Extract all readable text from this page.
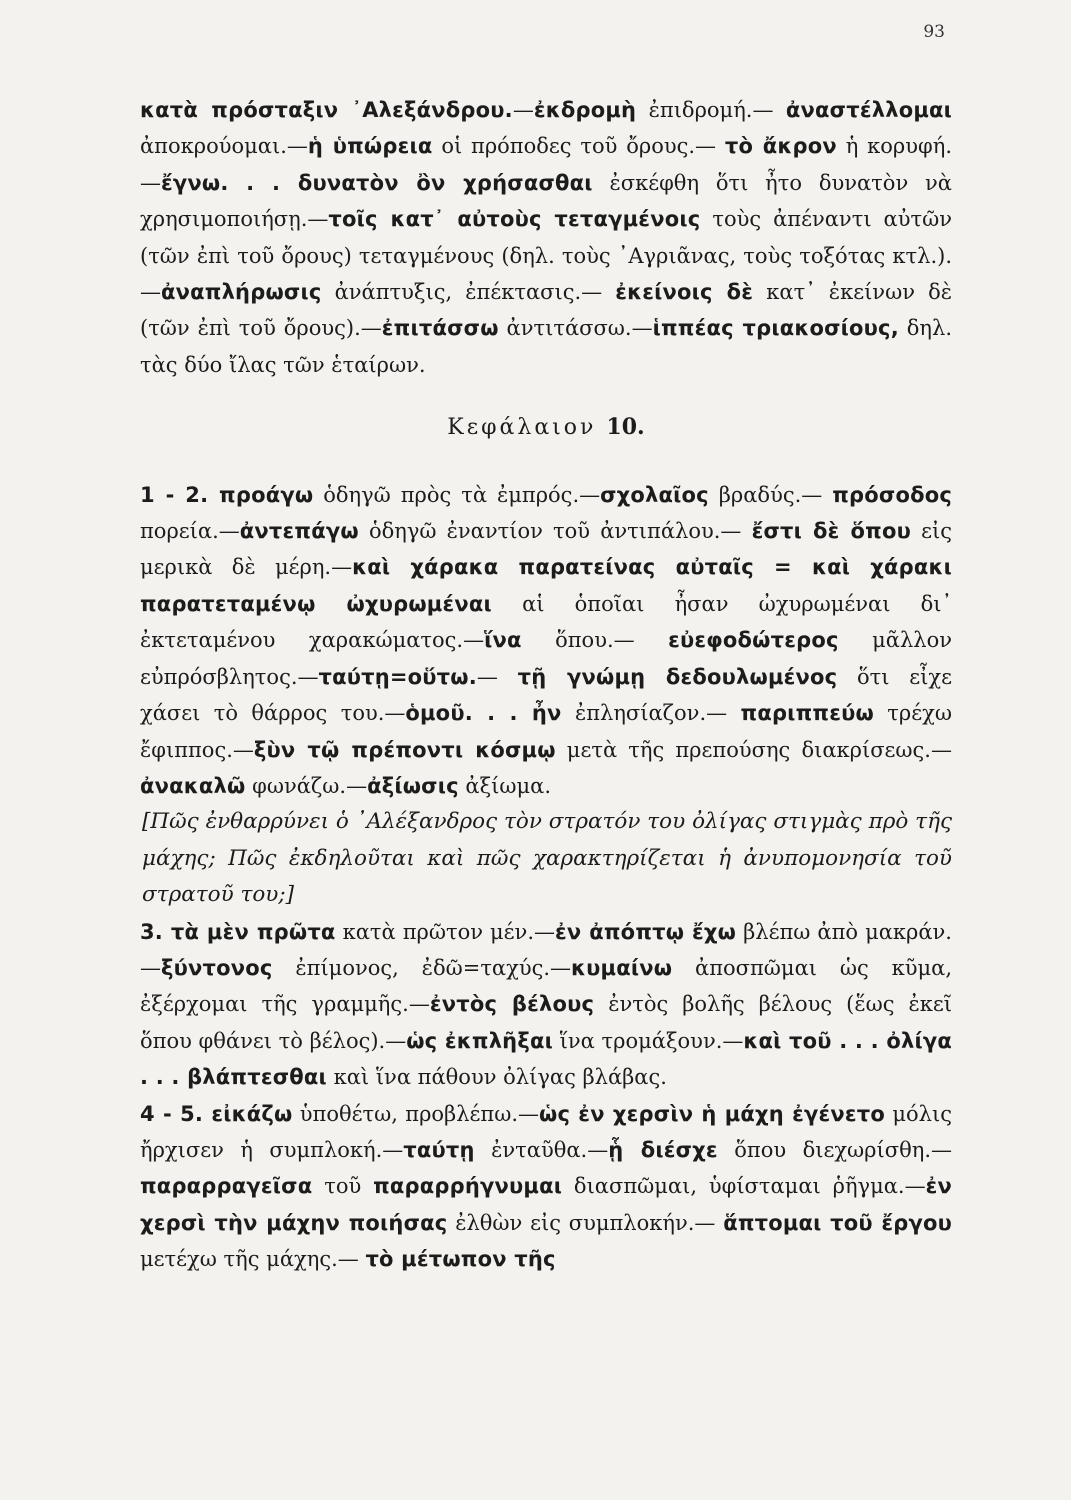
93

κατὰ πρόσταξιν ᾿Αλεξάνδρου.—ἐκδρομὴ ἐπιδρομή.— ἀναστέλλομαι ἀποκρούομαι.—ἡ ὑπώρεια οἱ πρόποδες τοῦ ὄρους.— τὸ ἄκρον ἡ κορυφή.—ἔγνω. . . δυνατὸν ὂν χρήσασθαι ἐσκέφθη ὅτι ἦτο δυνατὸν νὰ χρησιμοποιήσῃ.—τοῖς κατ᾿ αὐτοὺς τεταγμένοις τοὺς ἀπέναντι αὐτῶν (τῶν ἐπὶ τοῦ ὄρους) τεταγμένους (δηλ. τοὺς ᾿Αγριᾶνας, τοὺς τοξότας κτλ.).—ἀναπλήρωσις ἀνάπτυξις, ἐπέκτασις.— ἐκείνοις δὲ κατ᾿ ἐκείνων δὲ (τῶν ἐπὶ τοῦ ὄρους).—ἐπιτάσσω ἀντιτάσσω.—ἱππέας τριακοσίους, δηλ. τὰς δύο ἴλας τῶν ἑταίρων.

Κεφάλαιον 10.

1 - 2. προάγω ὁδηγῶ πρὸς τὰ ἐμπρός.—σχολαῖος βραδύς.— πρόσοδος πορεία.—ἀντεπάγω ὁδηγῶ ἐναντίον τοῦ ἀντιπάλου.— ἔστι δὲ ὅπου εἰς μερικὰ δὲ μέρη.—καὶ χάρακα παρατείνας αὐταῖς = καὶ χάρακι παρατεταμένῳ ὠχυρωμέναι αἱ ὁποῖαι ἦσαν ὠχυρωμέναι δι᾿ ἐκτεταμένου χαρακώματος.—ἵνα ὅπου.— εὐεφοδώτερος μᾶλλον εὐπρόσβλητος.—ταύτῃ=οὕτω.— τῇ γνώμῃ δεδουλωμένος ὅτι εἶχε χάσει τὸ θάρρος του.—ὁμοῦ. . . ἦν ἐπλησίαζον.— παριππεύω τρέχω ἔφιππος.—ξὺν τῷ πρέποντι κόσμῳ μετὰ τῆς πρεπούσης διακρίσεως.—ἀνακαλῶ φωνάζω.—ἀξίωσις ἀξίωμα.

[Πῶς ἐνθαρρύνει ὁ ᾿Αλέξανδρος τὸν στρατόν του ὀλίγας στιγμὰς πρὸ τῆς μάχης; Πῶς ἐκδηλοῦται καὶ πῶς χαρακτηρίζεται ἡ ἀνυπομονησία τοῦ στρατοῦ του;]

3. τὰ μὲν πρῶτα κατὰ πρῶτον μέν.—ἐν ἀπόπτῳ ἔχω βλέπω ἀπὸ μακράν.—ξύντονος ἐπίμονος, ἐδῶ=ταχύς.—κυμαίνω ἀποσπῶμαι ὡς κῦμα, ἐξέρχομαι τῆς γραμμῆς.—ἐντὸς βέλους ἐντὸς βολῆς βέλους (ἕως ἐκεῖ ὅπου φθάνει τὸ βέλος).—ὡς ἐκπλῆξαι ἵνα τρομάξουν.—καὶ τοῦ . . . ὀλίγα . . . βλάπτεσθαι καὶ ἵνα πάθουν ὀλίγας βλάβας.

4 - 5. εἰκάζω ὑποθέτω, προβλέπω.—ὡς ἐν χερσὶν ἡ μάχη ἐγένετο μόλις ἤρχισεν ἡ συμπλοκή.—ταύτῃ ἐνταῦθα.—ᾗ διέσχε ὅπου διεχωρίσθη.—παραρραγεῖσα τοῦ παραρρήγνυμαι διασπῶμαι, ὑφίσταμαι ῥῆγμα.—ἐν χερσὶ τὴν μάχην ποιήσας ἐλθὼν εἰς συμπλοκήν.— ἅπτομαι τοῦ ἔργου μετέχω τῆς μάχης.— τὸ μέτωπον τῆς
